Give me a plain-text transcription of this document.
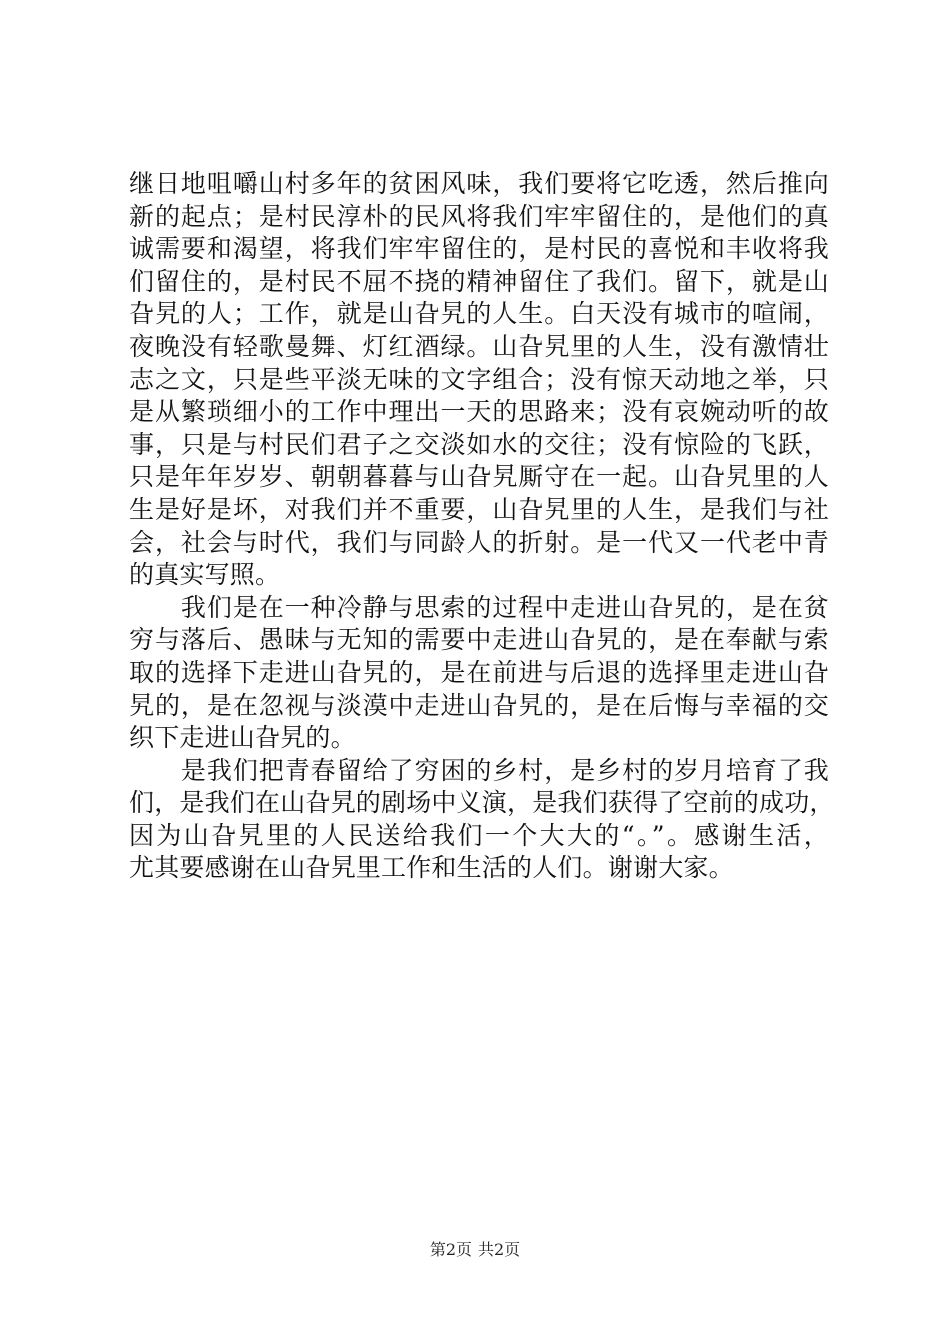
继日地咀嚼山村多年的贫困风味，我们要将它吃透，然后推向
新的起点；是村民淳朴的民风将我们牢牢留住的，是他们的真
诚需要和渴望，将我们牢牢留住的，是村民的喜悦和丰收将我
们留住的，是村民不屈不挠的精神留住了我们。留下，就是山
旮旯的人；工作，就是山旮旯的人生。白天没有城市的喧闹，
夜晚没有轻歌曼舞、灯红酒绿。山旮旯里的人生，没有激情壮
志之文，只是些平淡无味的文字组合；没有惊天动地之举，只
是从繁琐细小的工作中理出一天的思路来；没有哀婉动听的故
事，只是与村民们君子之交淡如水的交往；没有惊险的飞跃，
只是年年岁岁、朝朝暮暮与山旮旯厮守在一起。山旮旯里的人
生是好是坏，对我们并不重要，山旮旯里的人生，是我们与社
会，社会与时代，我们与同龄人的折射。是一代又一代老中青
的真实写照。
　　我们是在一种冷静与思索的过程中走进山旮旯的，是在贫
穷与落后、愚昧与无知的需要中走进山旮旯的，是在奉献与索
取的选择下走进山旮旯的，是在前进与后退的选择里走进山旮
旯的，是在忽视与淡漠中走进山旮旯的，是在后悔与幸福的交
织下走进山旮旯的。
　　是我们把青春留给了穷困的乡村，是乡村的岁月培育了我
们，是我们在山旮旯的剧场中义演，是我们获得了空前的成功，
因为山旮旯里的人民送给我们一个大大的“。”。感谢生活，
尤其要感谢在山旮旯里工作和生活的人们。谢谢大家。
第2页 共2页
